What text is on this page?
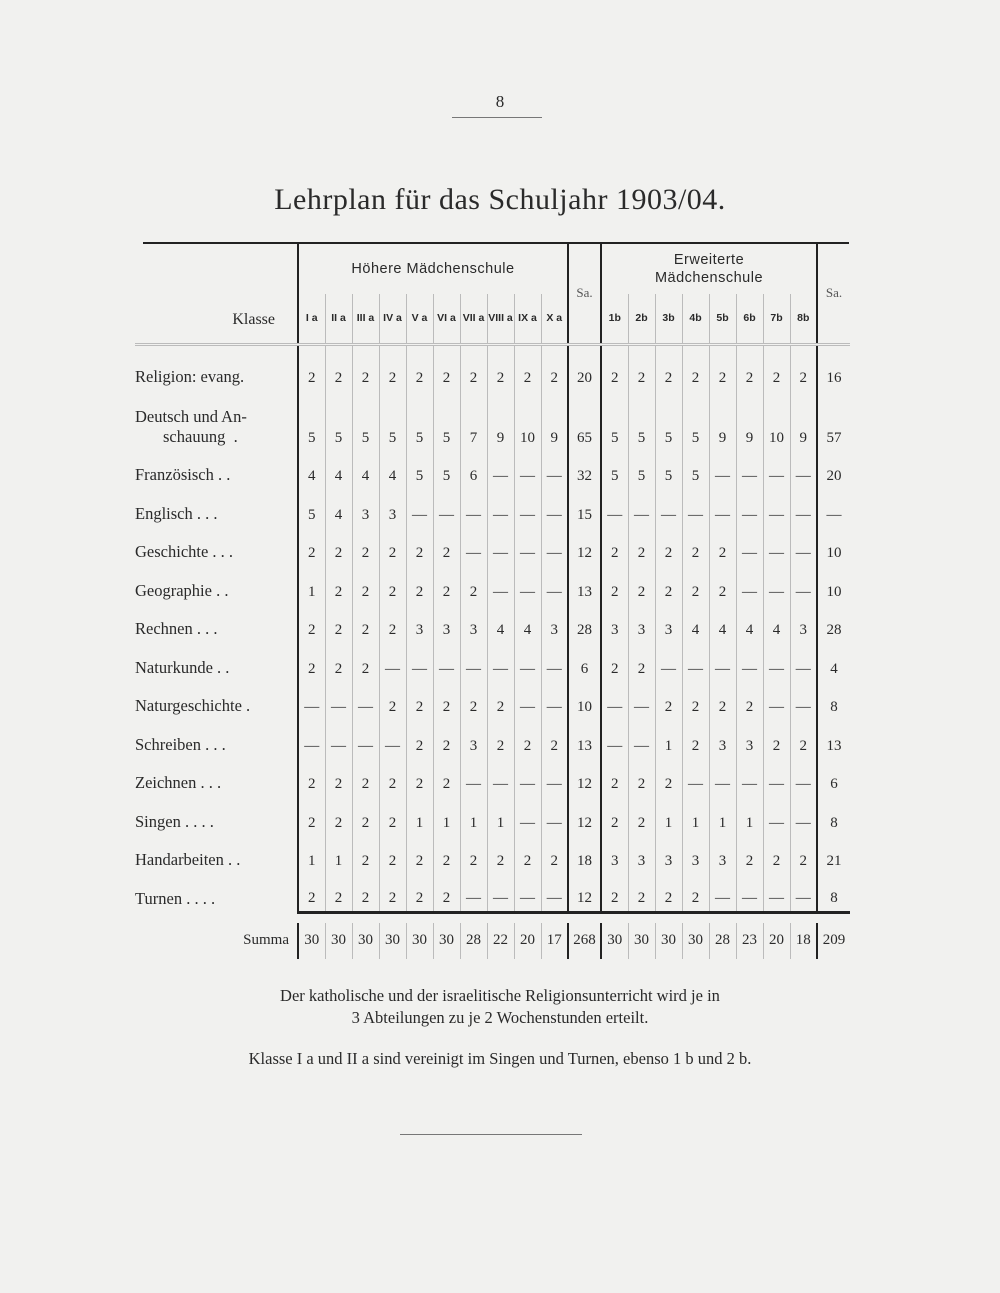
8
Lehrplan für das Schuljahr 1903/04.
Klasse	Höhere Mädchenschule										Sa.	Erweiterte Mädchenschule								Sa.
	I a	II a	III a	IV a	V a	VI a	VII a	VIII a	IX a	X a		1b	2b	3b	4b	5b	6b	7b	8b	

Religion: evang.	2	2	2	2	2	2	2	2	2	2	20	2	2	2	2	2	2	2	2	16
Deutsch und An-
schauung  .	5	5	5	5	5	5	7	9	10	9	65	5	5	5	5	9	9	10	9	57
Französisch . .	4	4	4	4	5	5	6	—	—	—	32	5	5	5	5	—	—	—	—	20
Englisch . . .	5	4	3	3	—	—	—	—	—	—	15	—	—	—	—	—	—	—	—	—
Geschichte . . .	2	2	2	2	2	2	—	—	—	—	12	2	2	2	2	2	—	—	—	10
Geographie . .	1	2	2	2	2	2	2	—	—	—	13	2	2	2	2	2	—	—	—	10
Rechnen . . .	2	2	2	2	3	3	3	4	4	3	28	3	3	3	4	4	4	4	3	28
Naturkunde . .	2	2	2	—	—	—	—	—	—	—	6	2	2	—	—	—	—	—	—	4
Naturgeschichte .	—	—	—	2	2	2	2	2	—	—	10	—	—	2	2	2	2	—	—	8
Schreiben . . .	—	—	—	—	2	2	3	2	2	2	13	—	—	1	2	3	3	2	2	13
Zeichnen . . .	2	2	2	2	2	2	—	—	—	—	12	2	2	2	—	—	—	—	—	6
Singen . . . .	2	2	2	2	1	1	1	1	—	—	12	2	2	1	1	1	1	—	—	8
Handarbeiten . .	1	1	2	2	2	2	2	2	2	2	18	3	3	3	3	3	2	2	2	21
Turnen . . . .	2	2	2	2	2	2	—	—	—	—	12	2	2	2	2	—	—	—	—	8

Summa	30	30	30	30	30	30	28	22	20	17	268	30	30	30	30	28	23	20	18	209
Der katholische und der israelitische Religionsunterricht wird je in
3 Abteilungen zu je 2 Wochenstunden erteilt.
Klasse I a und II a sind vereinigt im Singen und Turnen, ebenso 1 b und 2 b.
